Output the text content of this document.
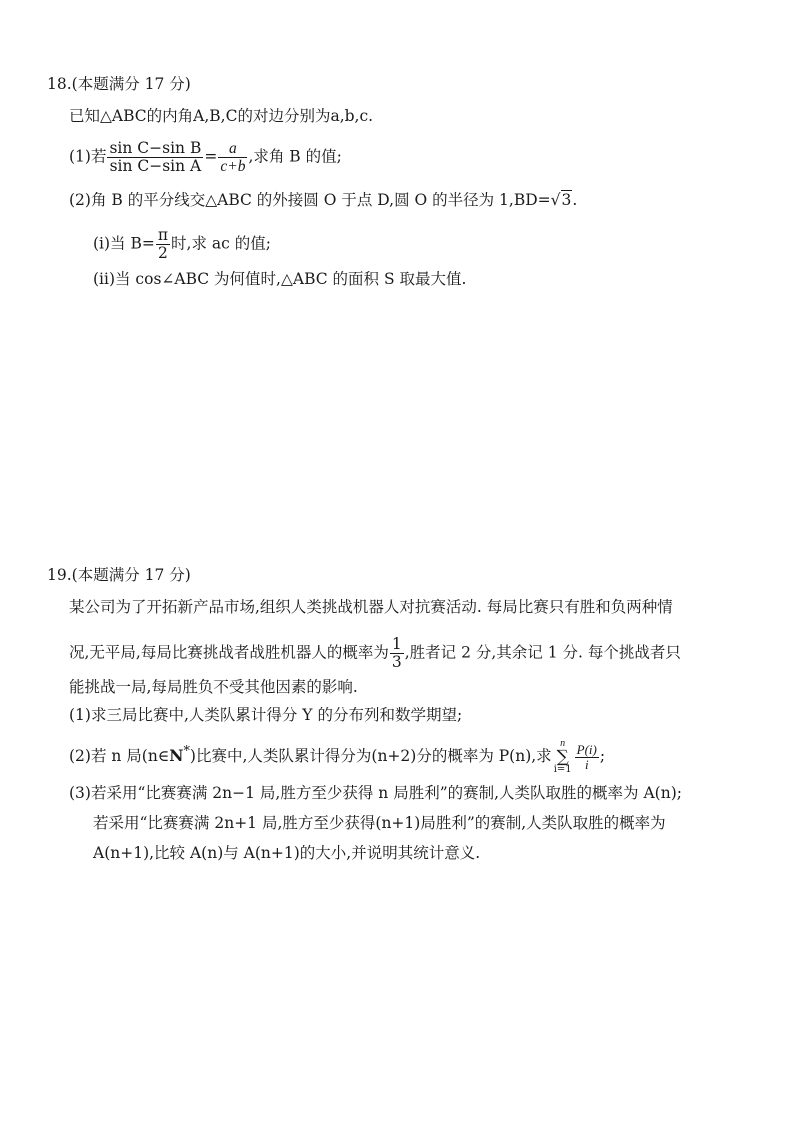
18.(本题满分 17 分)
已知△ABC的内角A,B,C的对边分别为a,b,c.
(1)若 $\frac{\text{sin C−sin B}}{\text{sin C−sin A}} = \frac{a}{c+b}$ ,求角 B 的值;
(2)角 B 的平分线交△ABC 的外接圆 O 于点 D,圆 O 的半径为 1,BD=√3.
(ⅰ)当 $B= \frac{\pi}{2}$ 时,求 ac 的值;
(ⅱ)当 cos∠ABC 为何值时,△ABC 的面积 S 取最大值.
19.(本题满分 17 分)
某公司为了开拓新产品市场,组织人类挑战机器人对抗赛活动. 每局比赛只有胜和负两种情
况,无平局,每局比赛挑战者战胜机器人的概率为 $\frac{1}{3}$ ,胜者记 2 分,其余记 1 分. 每个挑战者只
能挑战一局,每局胜负不受其他因素的影响.
(1)求三局比赛中,人类队累计得分 Y 的分布列和数学期望;
(2)若 n 局(n∈N*)比赛中,人类队累计得分为(n+2)分的概率为 P(n),求n
∑
$i=1 \frac{P(i)}{i}$ ;
(3)若采用“比赛赛满 2n−1 局,胜方至少获得 n 局胜利”的赛制,人类队取胜的概率为 A(n);
若采用“比赛赛满 2n+1 局,胜方至少获得(n+1)局胜利”的赛制,人类队取胜的概率为
A(n+1),比较 A(n)与 A(n+1)的大小,并说明其统计意义.
